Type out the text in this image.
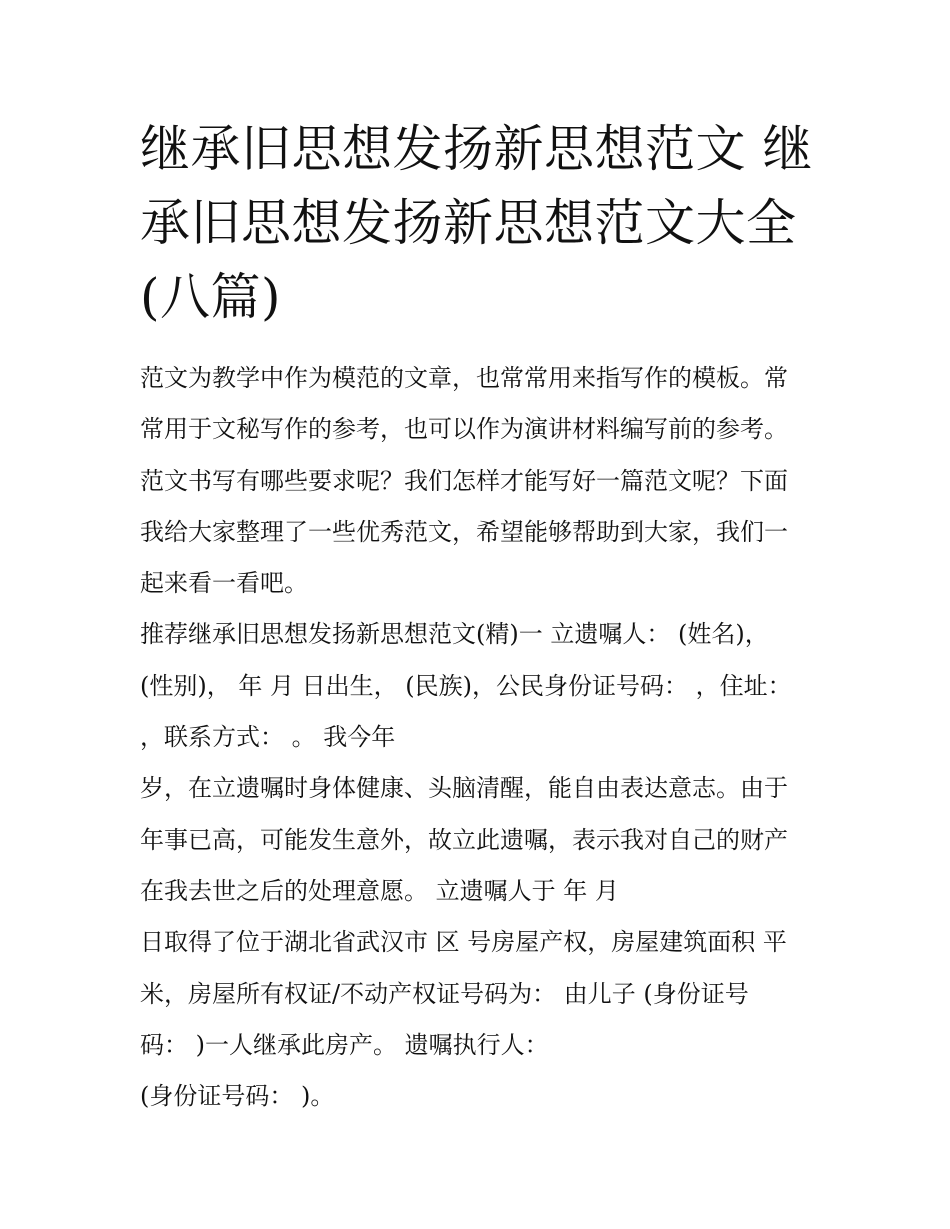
继承旧思想发扬新思想范文 继
承旧思想发扬新思想范文大全
(八篇)
范文为教学中作为模范的文章，也常常用来指写作的模板。常
常用于文秘写作的参考，也可以作为演讲材料编写前的参考。
范文书写有哪些要求呢？我们怎样才能写好一篇范文呢？下面
我给大家整理了一些优秀范文，希望能够帮助到大家，我们一
起来看一看吧。
推荐继承旧思想发扬新思想范文(精)一 立遗嘱人： (姓名)，
(性别)， 年 月 日出生， (民族)，公民身份证号码： ，住址：
，联系方式： 。 我今年
岁，在立遗嘱时身体健康、头脑清醒，能自由表达意志。由于
年事已高，可能发生意外，故立此遗嘱，表示我对自己的财产
在我去世之后的处理意愿。 立遗嘱人于 年 月
日取得了位于湖北省武汉市 区 号房屋产权，房屋建筑面积 平
米，房屋所有权证/不动产权证号码为： 由儿子 (身份证号
码： )一人继承此房产。 遗嘱执行人：
(身份证号码： )。
